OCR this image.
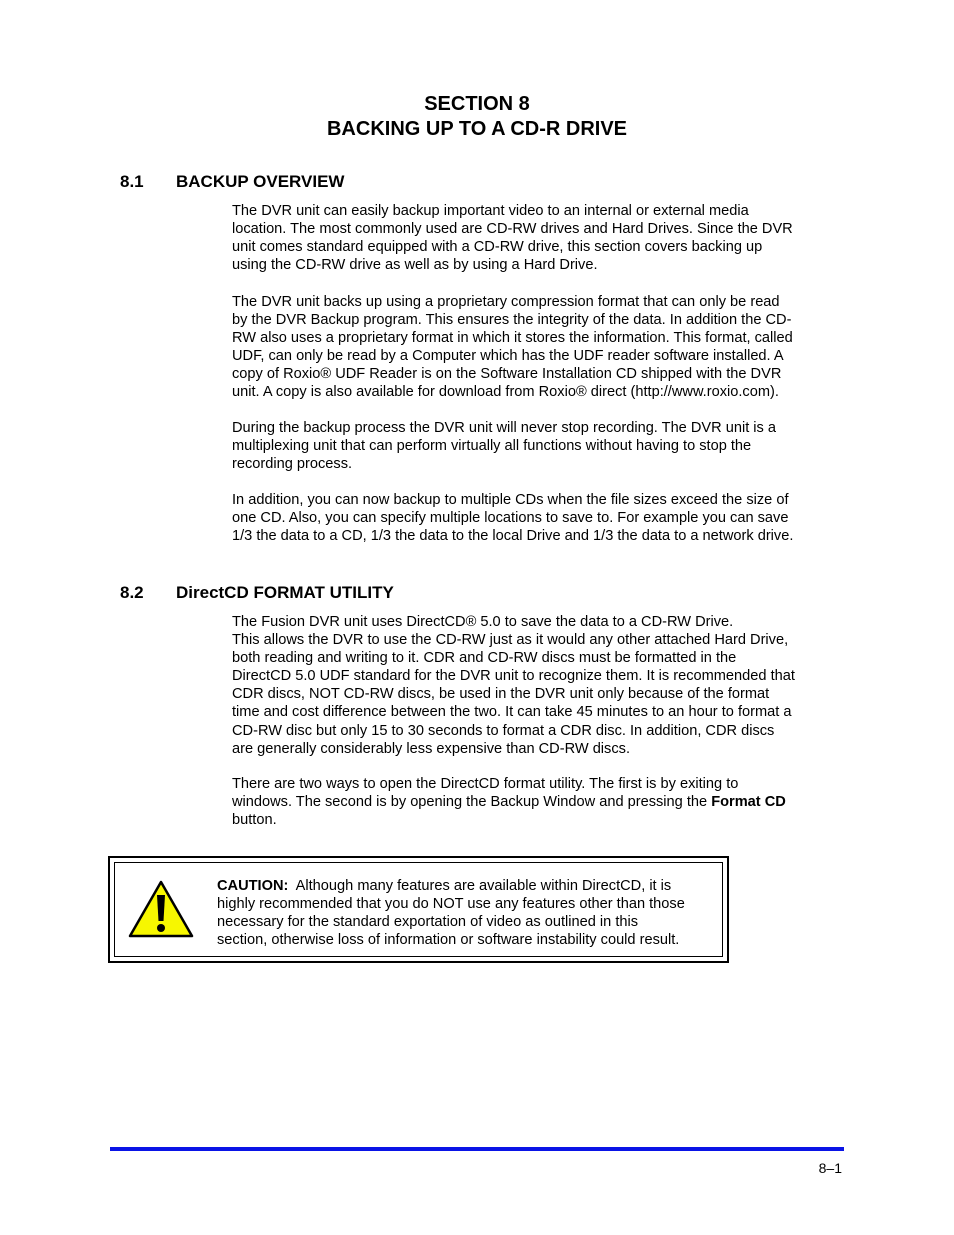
SECTION 8
BACKING UP TO A CD-R DRIVE
8.1 BACKUP OVERVIEW
The DVR unit can easily backup important video to an internal or external media
location. The most commonly used are CD-RW drives and Hard Drives. Since the DVR
unit comes standard equipped with a CD-RW drive, this section covers backing up
using the CD-RW drive as well as by using a Hard Drive.
The DVR unit backs up using a proprietary compression format that can only be read
by the DVR Backup program. This ensures the integrity of the data. In addition the CD-
RW also uses a proprietary format in which it stores the information. This format, called
UDF, can only be read by a Computer which has the UDF reader software installed. A
copy of Roxio® UDF Reader is on the Software Installation CD shipped with the DVR
unit. A copy is also available for download from Roxio® direct (http://www.roxio.com).
During the backup process the DVR unit will never stop recording. The DVR unit is a
multiplexing unit that can perform virtually all functions without having to stop the
recording process.
In addition, you can now backup to multiple CDs when the file sizes exceed the size of
one CD. Also, you can specify multiple locations to save to. For example you can save
1/3 the data to a CD, 1/3 the data to the local Drive and 1/3 the data to a network drive.
8.2 DirectCD FORMAT UTILITY
The Fusion DVR unit uses DirectCD® 5.0 to save the data to a CD-RW Drive.
This allows the DVR to use the CD-RW just as it would any other attached Hard Drive,
both reading and writing to it. CDR and CD-RW discs must be formatted in the
DirectCD 5.0 UDF standard for the DVR unit to recognize them. It is recommended that
CDR discs, NOT CD-RW discs, be used in the DVR unit only because of the format
time and cost difference between the two. It can take 45 minutes to an hour to format a
CD-RW disc but only 15 to 30 seconds to format a CDR disc. In addition, CDR discs
are generally considerably less expensive than CD-RW discs.
There are two ways to open the DirectCD format utility. The first is by exiting to
windows. The second is by opening the Backup Window and pressing the Format CD
button.
CAUTION: Although many features are available within DirectCD, it is
highly recommended that you do NOT use any features other than those
necessary for the standard exportation of video as outlined in this
section, otherwise loss of information or software instability could result.
8–1
